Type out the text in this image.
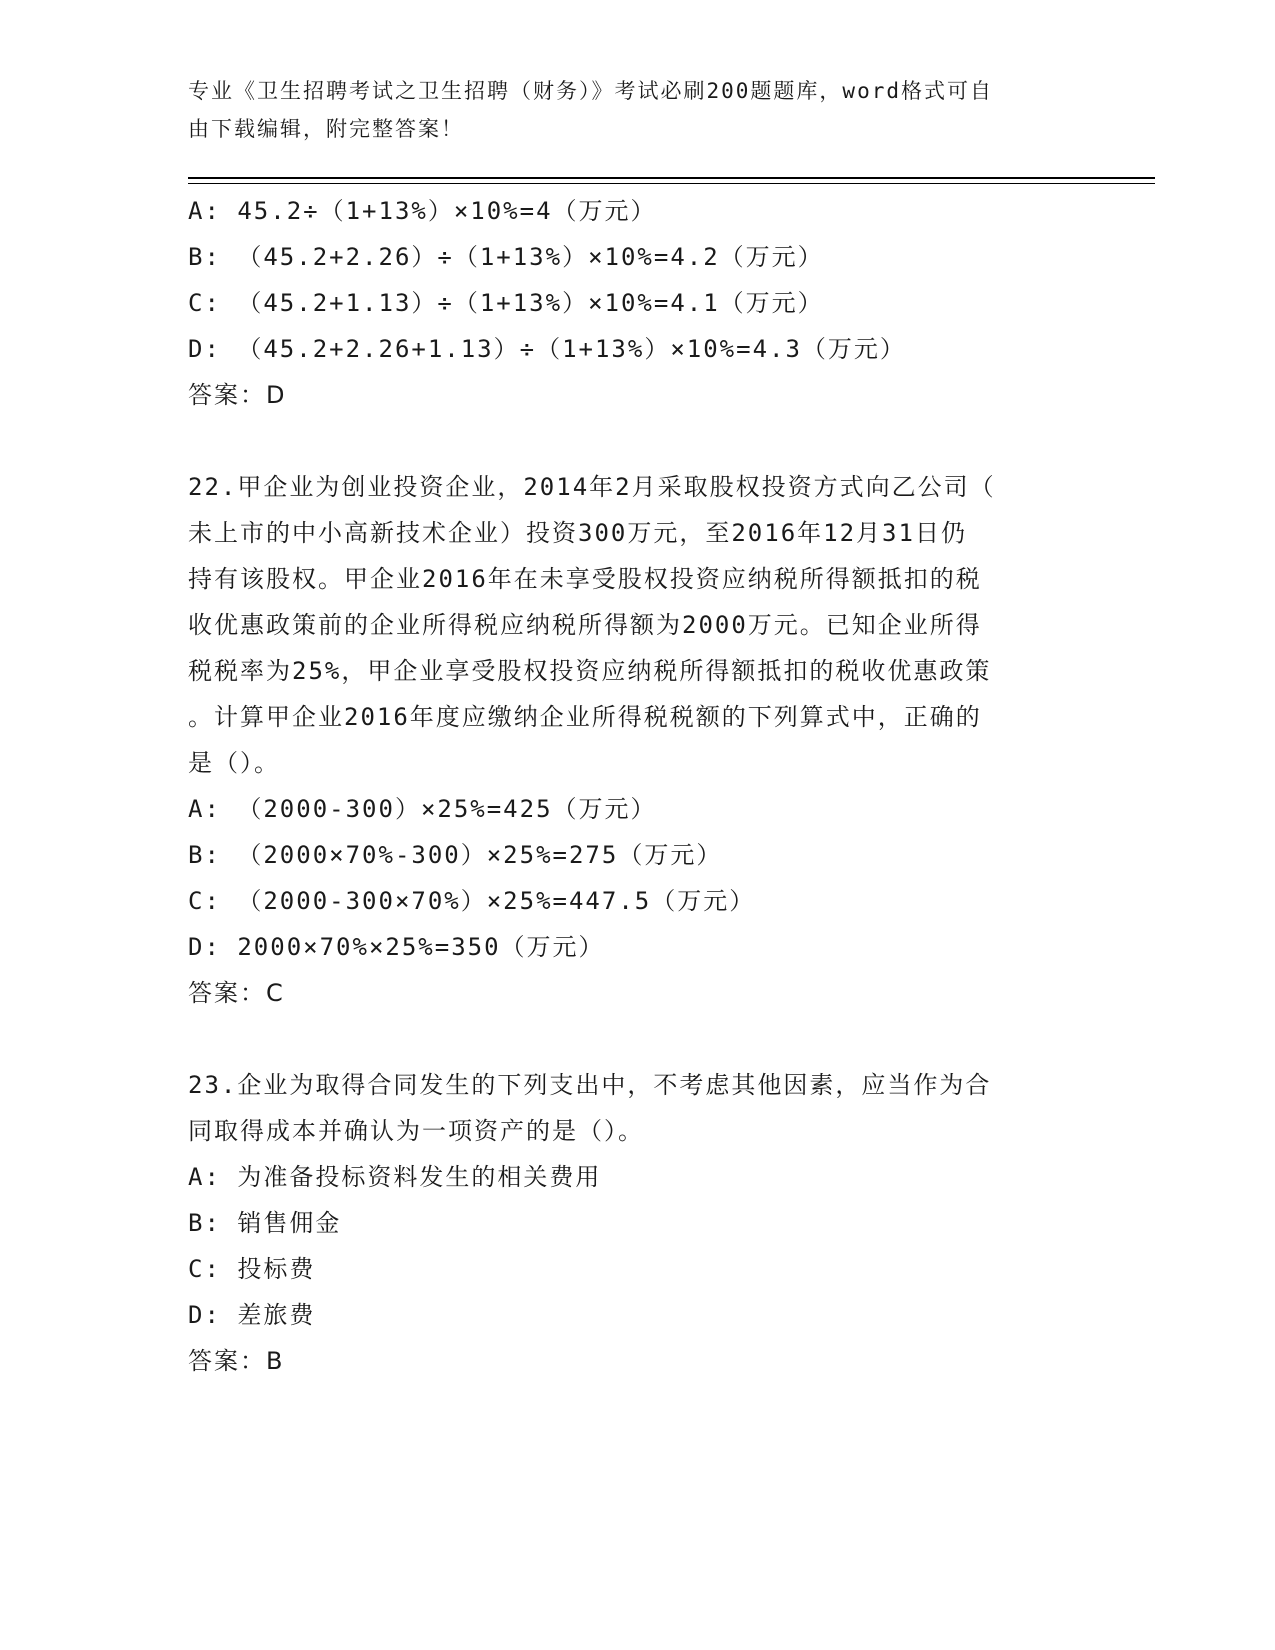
专业《卫生招聘考试之卫生招聘（财务）》考试必刷200题题库，word格式可自
由下载编辑，附完整答案！
A: 45.2÷（1+13%）×10%=4（万元）
B: （45.2+2.26）÷（1+13%）×10%=4.2（万元）
C: （45.2+1.13）÷（1+13%）×10%=4.1（万元）
D: （45.2+2.26+1.13）÷（1+13%）×10%=4.3（万元）
答案：D
22.甲企业为创业投资企业，2014年2月采取股权投资方式向乙公司（
未上市的中小高新技术企业）投资300万元，至2016年12月31日仍
持有该股权。甲企业2016年在未享受股权投资应纳税所得额抵扣的税
收优惠政策前的企业所得税应纳税所得额为2000万元。已知企业所得
税税率为25%，甲企业享受股权投资应纳税所得额抵扣的税收优惠政策
。计算甲企业2016年度应缴纳企业所得税税额的下列算式中，正确的
是（）。
A: （2000-300）×25%=425（万元）
B: （2000×70%-300）×25%=275（万元）
C: （2000-300×70%）×25%=447.5（万元）
D: 2000×70%×25%=350（万元）
答案：C
23.企业为取得合同发生的下列支出中，不考虑其他因素，应当作为合
同取得成本并确认为一项资产的是（）。
A: 为准备投标资料发生的相关费用
B: 销售佣金
C: 投标费
D: 差旅费
答案：B
